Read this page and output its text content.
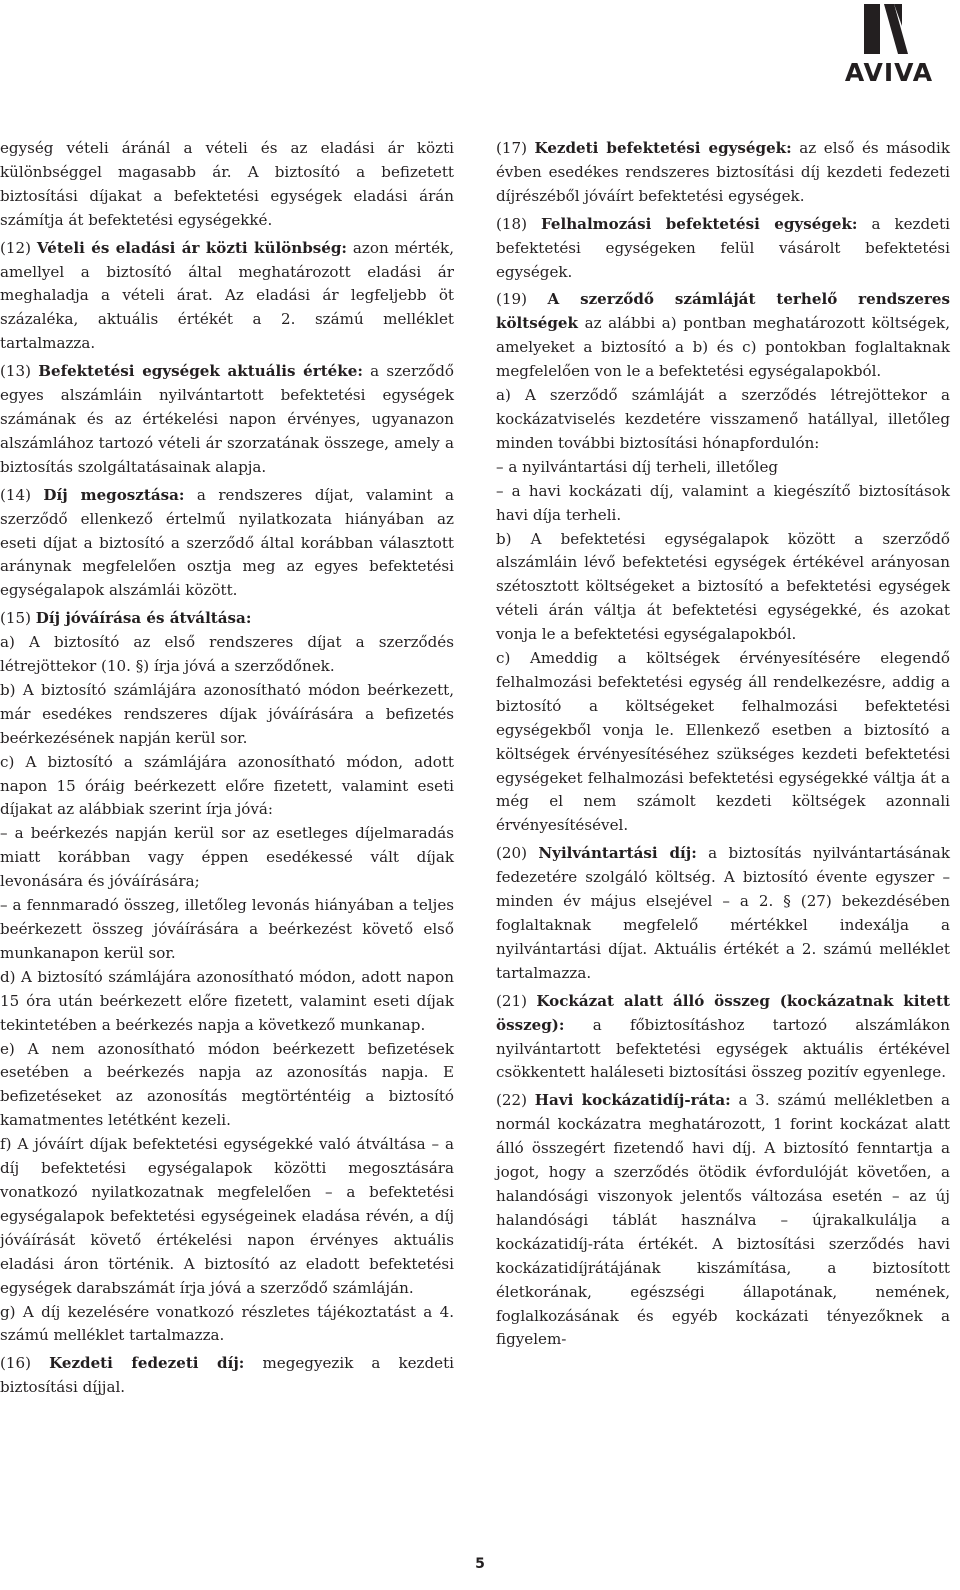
AVIVA

egység vételi áránál a vételi és az eladási ár közti különbséggel magasabb ár. A biztosító a befizetett biztosítási díjakat a befektetési egységek eladási árán számítja át befektetési egységekké.

(12) Vételi és eladási ár közti különbség: azon mérték, amellyel a biztosító által meghatározott eladási ár meghaladja a vételi árat. Az eladási ár legfeljebb öt százaléka, aktuális értékét a 2. számú melléklet tartalmazza.

(13) Befektetési egységek aktuális értéke: a szerződő egyes alszámláin nyilvántartott befektetési egységek számának és az értékelési napon érvényes, ugyanazon alszámlához tartozó vételi ár szorzatának összege, amely a biztosítás szolgáltatásainak alapja.

(14) Díj megosztása: a rendszeres díjat, valamint a szerződő ellenkező értelmű nyilatkozata hiányában az eseti díjat a biztosító a szerződő által korábban választott aránynak megfelelően osztja meg az egyes befektetési egységalapok alszámlái között.

(15) Díj jóváírása és átváltása:

a) A biztosító az első rendszeres díjat a szerződés létrejöttekor (10. §) írja jóvá a szerződőnek.

b) A biztosító számlájára azonosítható módon beérkezett, már esedékes rendszeres díjak jóváírására a befizetés beérkezésének napján kerül sor.

c) A biztosító a számlájára azonosítható módon, adott napon 15 óráig beérkezett előre fizetett, valamint eseti díjakat az alábbiak szerint írja jóvá:

– a beérkezés napján kerül sor az esetleges díjelmaradás miatt korábban vagy éppen esedékessé vált díjak levonására és jóváírására;

– a fennmaradó összeg, illetőleg levonás hiányában a teljes beérkezett összeg jóváírására a beérkezést követő első munkanapon kerül sor.

d) A biztosító számlájára azonosítható módon, adott napon 15 óra után beérkezett előre fizetett, valamint eseti díjak tekintetében a beérkezés napja a következő munkanap.

e) A nem azonosítható módon beérkezett befizetések esetében a beérkezés napja az azonosítás napja. E befizetéseket az azonosítás megtörténtéig a biztosító kamatmentes letétként kezeli.

f) A jóváírt díjak befektetési egységekké való átváltása – a díj befektetési egységalapok közötti megosztására vonatkozó nyilatkozatnak megfelelően – a befektetési egységalapok befektetési egységeinek eladása révén, a díj jóváírását követő értékelési napon érvényes aktuális eladási áron történik. A biztosító az eladott befektetési egységek darabszámát írja jóvá a szerződő számláján.

g) A díj kezelésére vonatkozó részletes tájékoztatást a 4. számú melléklet tartalmazza.

(16) Kezdeti fedezeti díj: megegyezik a kezdeti biztosítási díjjal.

(17) Kezdeti befektetési egységek: az első és második évben esedékes rendszeres biztosítási díj kezdeti fedezeti díjrészéből jóváírt befektetési egységek.

(18) Felhalmozási befektetési egységek: a kezdeti befektetési egységeken felül vásárolt befektetési egységek.

(19) A szerződő számláját terhelő rendszeres költségek az alábbi a) pontban meghatározott költségek, amelyeket a biztosító a b) és c) pontokban foglaltaknak megfelelően von le a befektetési egységalapokból.

a) A szerződő számláját a szerződés létrejöttekor a kockázatviselés kezdetére visszamenő hatállyal, illetőleg minden további biztosítási hónapfordulón:

– a nyilvántartási díj terheli, illetőleg

– a havi kockázati díj, valamint a kiegészítő biztosítások havi díja terheli.

b) A befektetési egységalapok között a szerződő alszámláin lévő befektetési egységek értékével arányosan szétosztott költségeket a biztosító a befektetési egységek vételi árán váltja át befektetési egységekké, és azokat vonja le a befektetési egységalapokból.

c) Ameddig a költségek érvényesítésére elegendő felhalmozási befektetési egység áll rendelkezésre, addig a biztosító a költségeket felhalmozási befektetési egységekből vonja le. Ellenkező esetben a biztosító a költségek érvényesítéséhez szükséges kezdeti befektetési egységeket felhalmozási befektetési egységekké váltja át a még el nem számolt kezdeti költségek azonnali érvényesítésével.

(20) Nyilvántartási díj: a biztosítás nyilvántartásának fedezetére szolgáló költség. A biztosító évente egyszer – minden év május elsejével – a 2. § (27) bekezdésében foglaltaknak megfelelő mértékkel indexálja a nyilvántartási díjat. Aktuális értékét a 2. számú melléklet tartalmazza.

(21) Kockázat alatt álló összeg (kockázatnak kitett összeg): a főbiztosításhoz tartozó alszámlákon nyilvántartott befektetési egységek aktuális értékével csökkentett haláleseti biztosítási összeg pozitív egyenlege.

(22) Havi kockázatidíj-ráta: a 3. számú mellékletben a normál kockázatra meghatározott, 1 forint kockázat alatt álló összegért fizetendő havi díj. A biztosító fenntartja a jogot, hogy a szerződés ötödik évfordulóját követően, a halandósági viszonyok jelentős változása esetén – az új halandósági táblát használva – újrakalkulálja a kockázatidíj-ráta értékét. A biztosítási szerződés havi kockázatidíjrátájának kiszámítása, a biztosított életkorának, egészségi állapotának, nemének, foglalkozásának és egyéb kockázati tényezőknek a figyelem-

5
